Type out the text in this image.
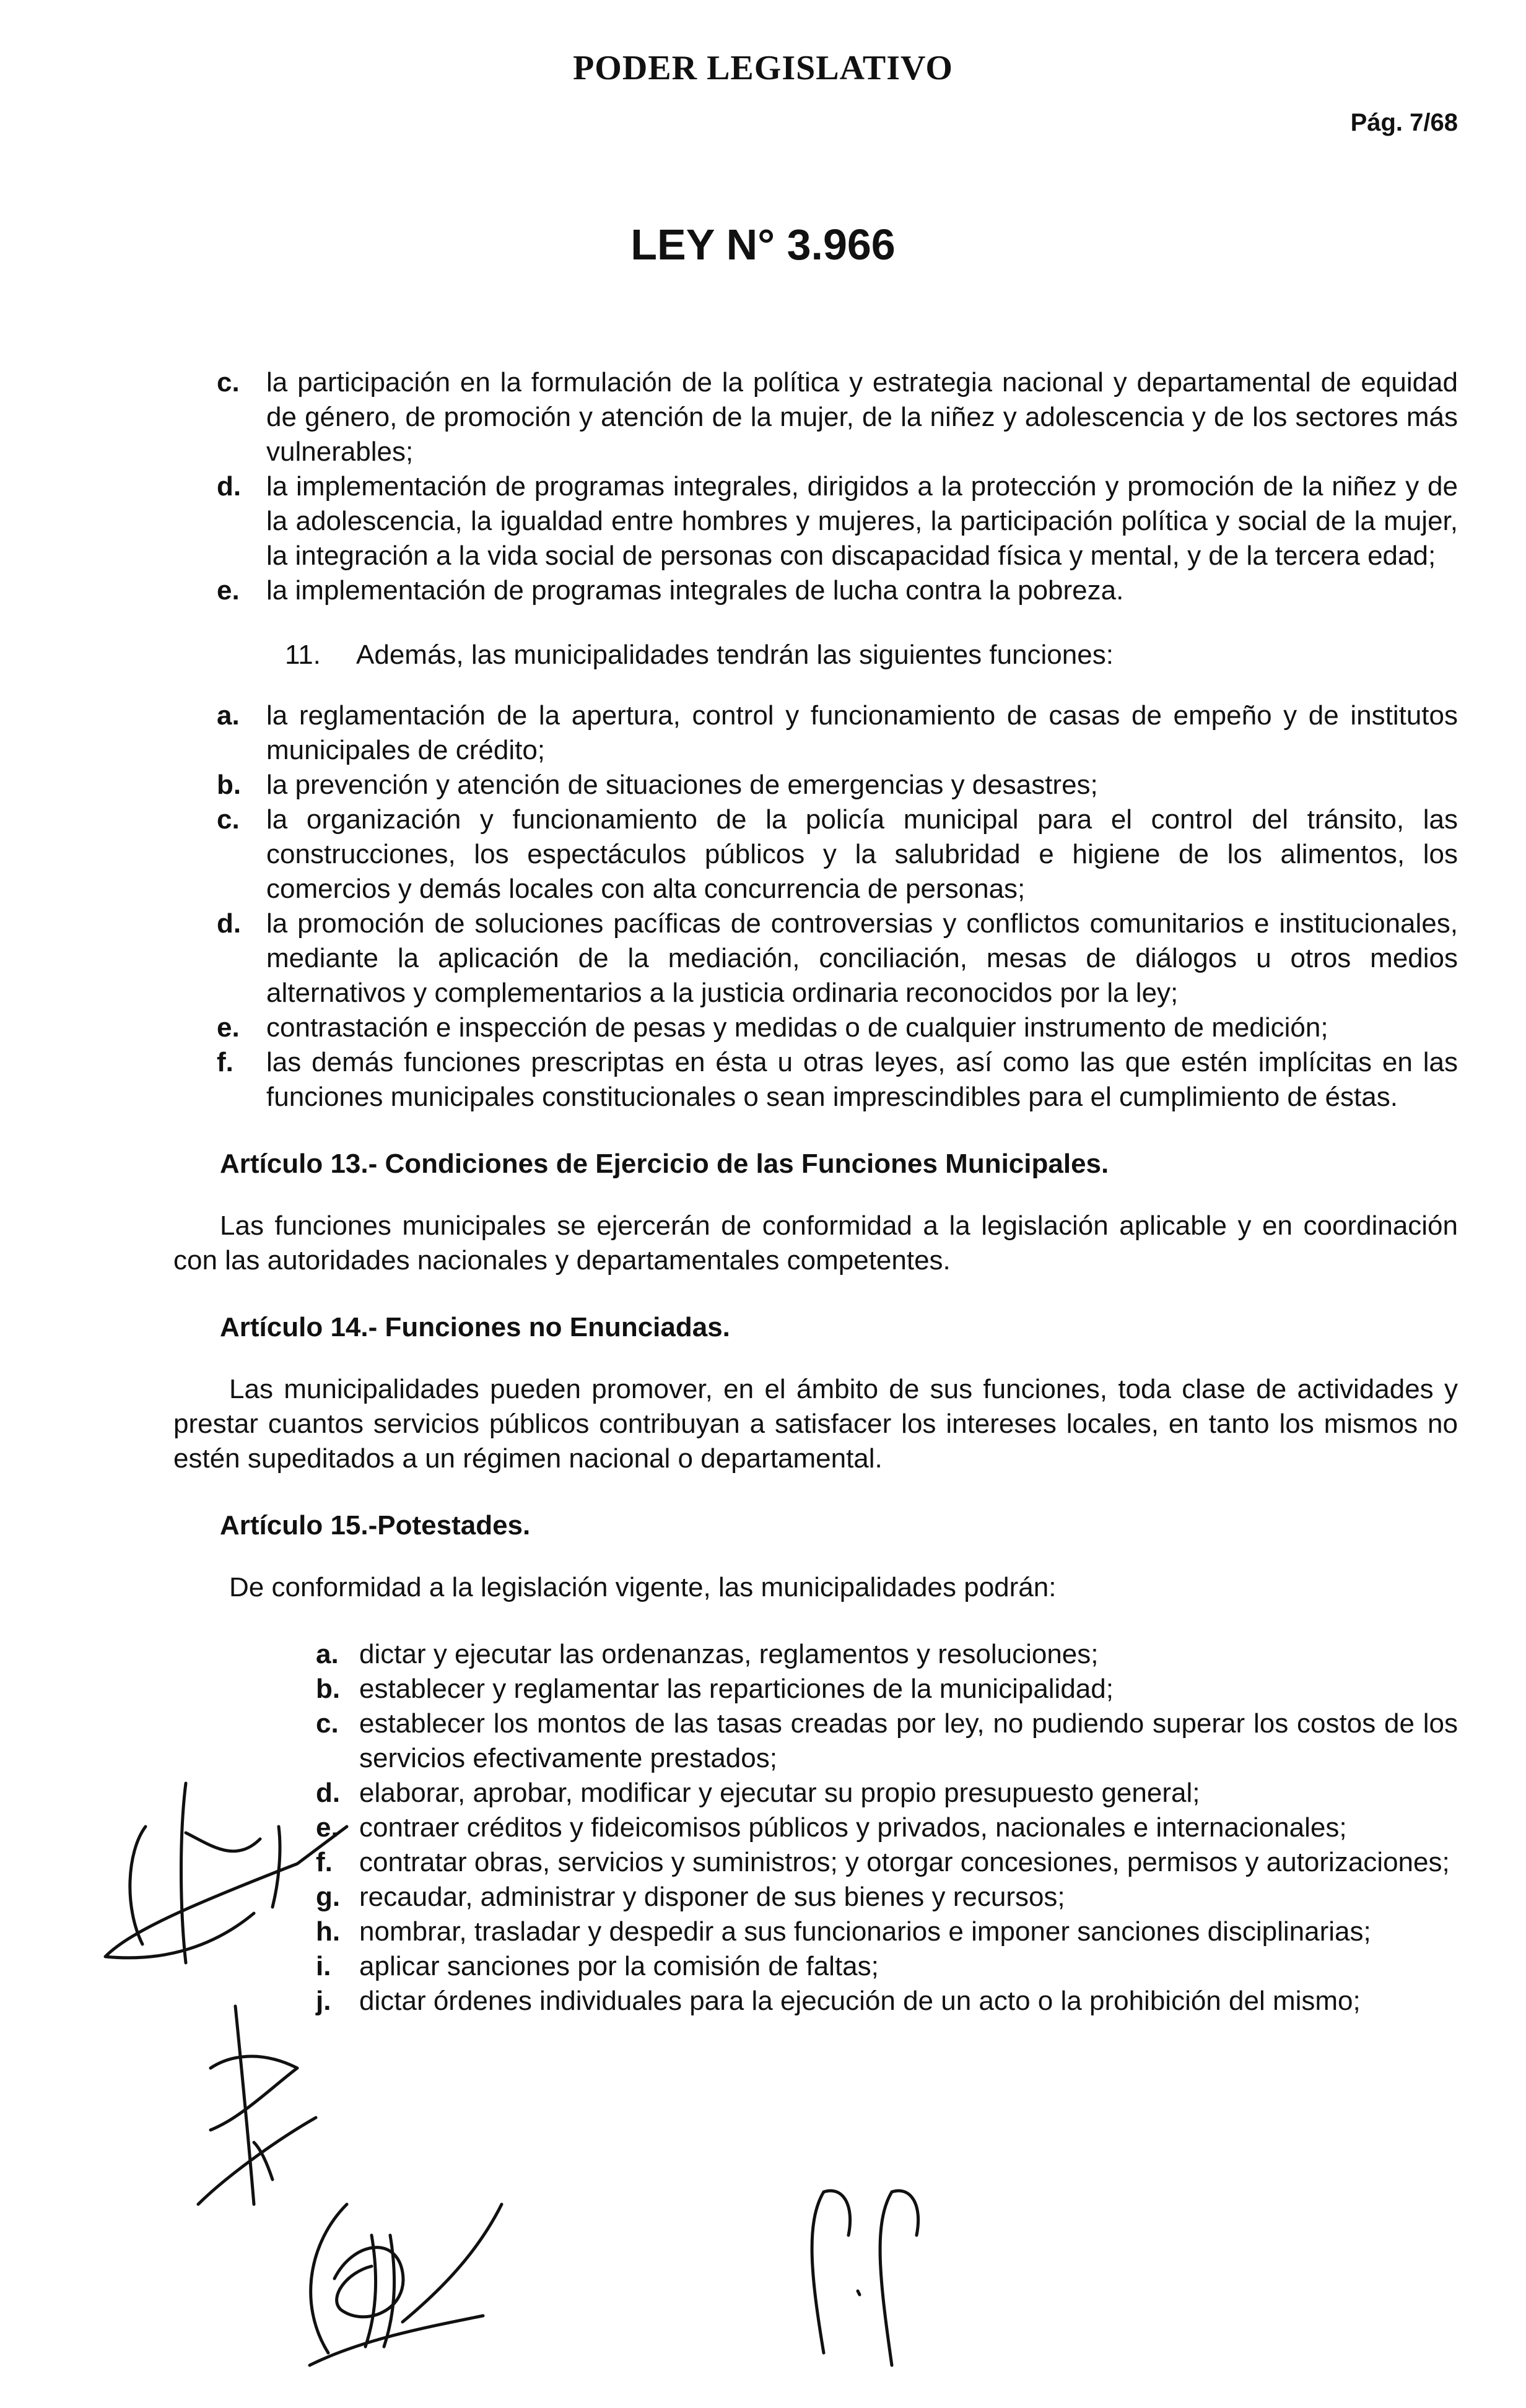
PODER LEGISLATIVO
Pág. 7/68
LEY N° 3.966

c. la participación en la formulación de la política y estrategia nacional y departamental de equidad de género, de promoción y atención de la mujer, de la niñez y adolescencia y de los sectores más vulnerables;

d. la implementación de programas integrales, dirigidos a la protección y promoción de la niñez y de la adolescencia, la igualdad entre hombres y mujeres, la participación política y social de la mujer, la integración a la vida social de personas con discapacidad física y mental, y de la tercera edad;

e. la implementación de programas integrales de lucha contra la pobreza.

11. Además, las municipalidades tendrán las siguientes funciones:

a. la reglamentación de la apertura, control y funcionamiento de casas de empeño y de institutos municipales de crédito;

b. la prevención y atención de situaciones de emergencias y desastres;

c. la organización y funcionamiento de la policía municipal para el control del tránsito, las construcciones, los espectáculos públicos y la salubridad e higiene de los alimentos, los comercios y demás locales con alta concurrencia de personas;

d. la promoción de soluciones pacíficas de controversias y conflictos comunitarios e institucionales, mediante la aplicación de la mediación, conciliación, mesas de diálogos u otros medios alternativos y complementarios a la justicia ordinaria reconocidos por la ley;

e. contrastación e inspección de pesas y medidas o de cualquier instrumento de medición;

f. las demás funciones prescriptas en ésta u otras leyes, así como las que estén implícitas en las funciones municipales constitucionales o sean imprescindibles para el cumplimiento de éstas.

Artículo 13.- Condiciones de Ejercicio de las Funciones Municipales.

Las funciones municipales se ejercerán de conformidad a la legislación aplicable y en coordinación con las autoridades nacionales y departamentales competentes.

Artículo 14.- Funciones no Enunciadas.

Las municipalidades pueden promover, en el ámbito de sus funciones, toda clase de actividades y prestar cuantos servicios públicos contribuyan a satisfacer los intereses locales, en tanto los mismos no estén supeditados a un régimen nacional o departamental.

Artículo 15.-Potestades.

De conformidad a la legislación vigente, las municipalidades podrán:

a. dictar y ejecutar las ordenanzas, reglamentos y resoluciones;

b. establecer y reglamentar las reparticiones de la municipalidad;

c. establecer los montos de las tasas creadas por ley, no pudiendo superar los costos de los servicios efectivamente prestados;

d. elaborar, aprobar, modificar y ejecutar su propio presupuesto general;

e. contraer créditos y fideicomisos públicos y privados, nacionales e internacionales;

f. contratar obras, servicios y suministros; y otorgar concesiones, permisos y autorizaciones;

g. recaudar, administrar y disponer de sus bienes y recursos;

h. nombrar, trasladar y despedir a sus funcionarios e imponer sanciones disciplinarias;

i. aplicar sanciones por la comisión de faltas;

j. dictar órdenes individuales para la ejecución de un acto o la prohibición del mismo;
